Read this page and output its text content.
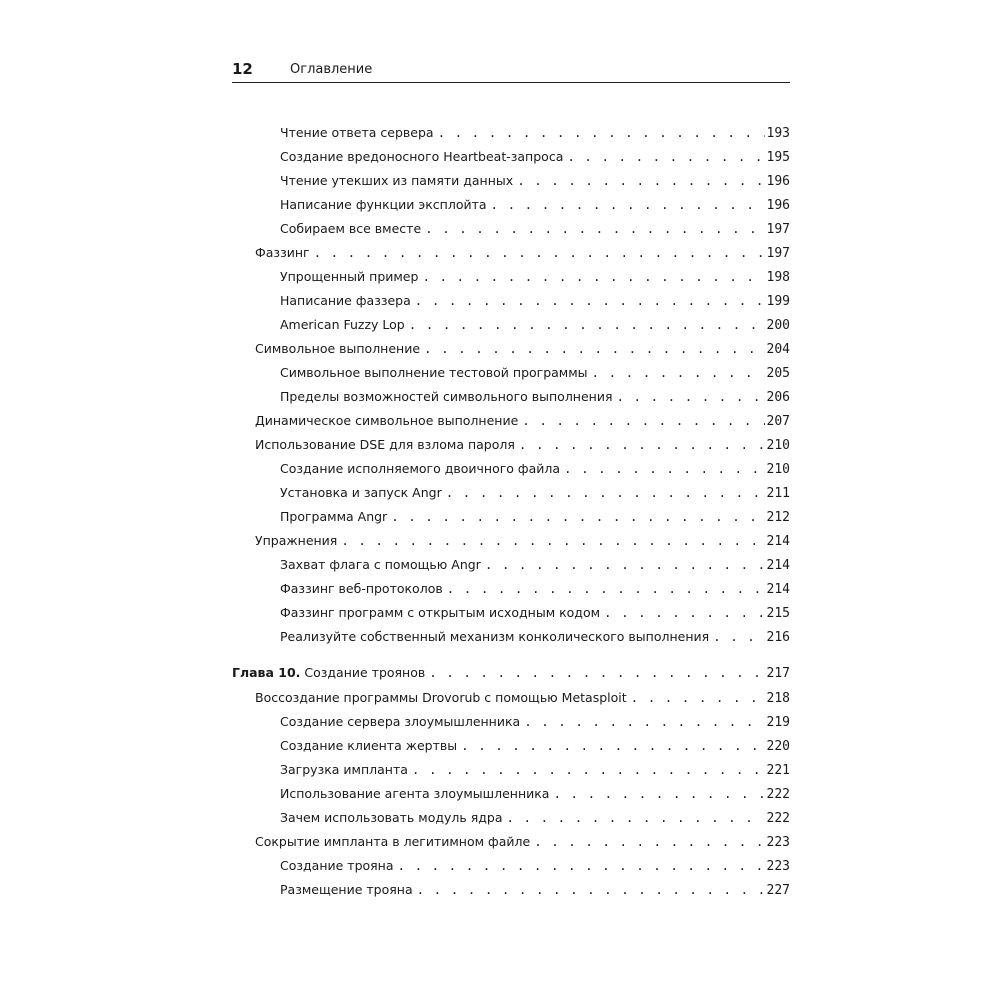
12	Оглавление
Чтение ответа сервера . . .	193
Создание вредоносного Heartbeat-запроса . . .	195
Чтение утекших из памяти данных . . .	196
Написание функции эксплойта . . .	196
Собираем все вместе . . .	197
Фаззинг . . .	197
Упрощенный пример . . .	198
Написание фаззера . . .	199
American Fuzzy Lop . . .	200
Символьное выполнение . . .	204
Символьное выполнение тестовой программы . . .	205
Пределы возможностей символьного выполнения . . .	206
Динамическое символьное выполнение . . .	207
Использование DSE для взлома пароля . . .	210
Создание исполняемого двоичного файла . . .	210
Установка и запуск Angr . . .	211
Программа Angr . . .	212
Упражнения . . .	214
Захват флага с помощью Angr . . .	214
Фаззинг веб-протоколов . . .	214
Фаззинг программ с открытым исходным кодом . . .	215
Реализуйте собственный механизм конколического выполнения . . .	216
Глава 10. Создание троянов . . .	217
Воссоздание программы Drovorub с помощью Metasploit . . .	218
Создание сервера злоумышленника . . .	219
Создание клиента жертвы . . .	220
Загрузка импланта . . .	221
Использование агента злоумышленника . . .	222
Зачем использовать модуль ядра . . .	222
Сокрытие импланта в легитимном файле . . .	223
Создание трояна . . .	223
Размещение трояна . . .	227
